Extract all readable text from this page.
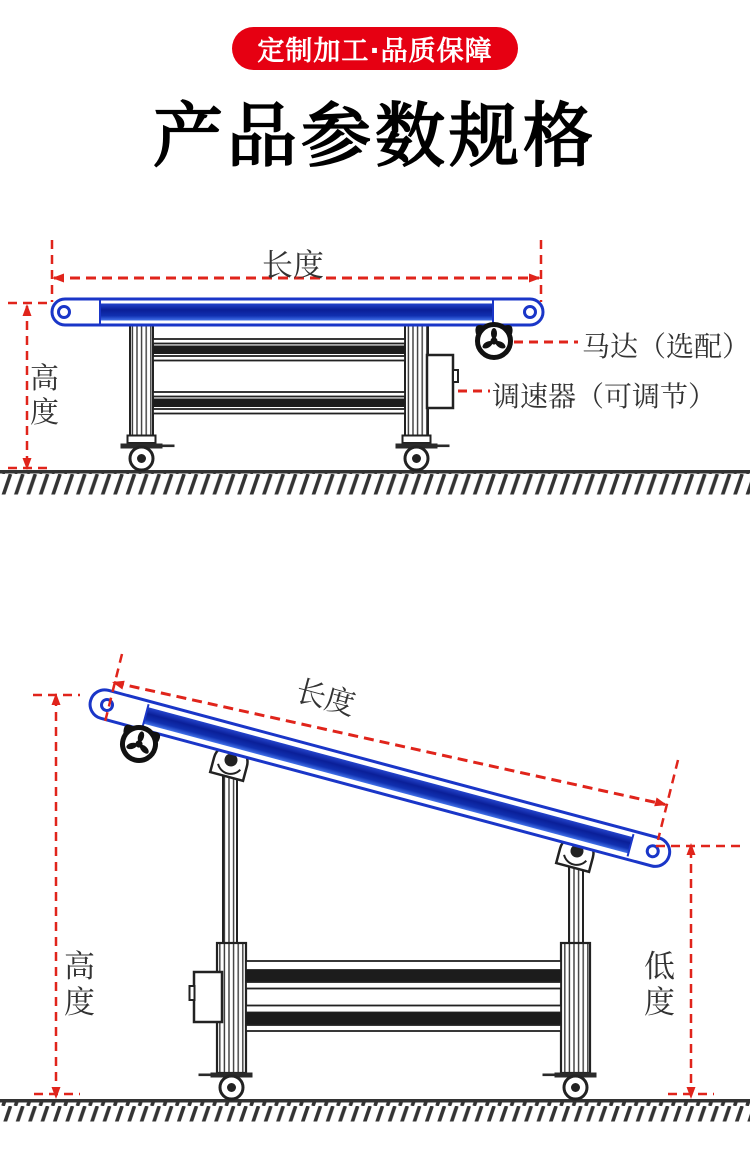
定制加工·品质保障
产品参数规格
长度
高度
马达（选配）
调速器（可调节）
长度
高度
低度
